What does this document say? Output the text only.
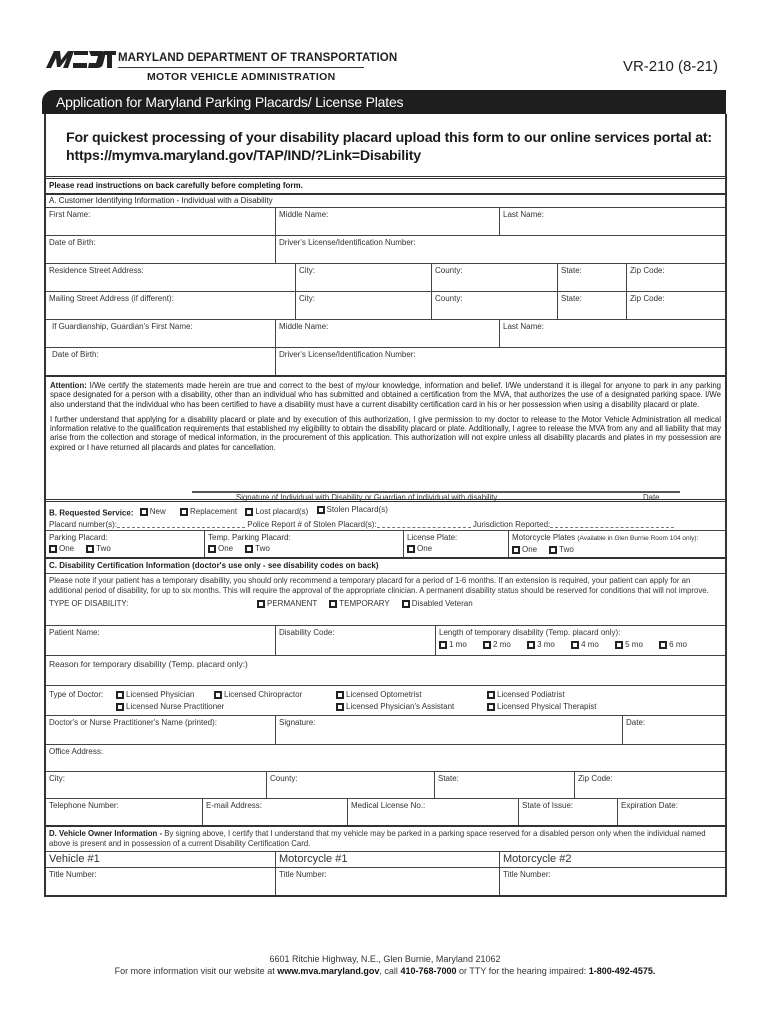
MARYLAND DEPARTMENT OF TRANSPORTATION
MOTOR VEHICLE ADMINISTRATION
VR-210 (8-21)
Application for Maryland Parking Placards/ License Plates
For quickest processing of your disability placard upload this form to our online services portal at:
https://mymva.maryland.gov/TAP/IND/?Link=Disability
Please read instructions on back carefully before completing form.
A. Customer Identifying Information - Individual with a Disability
First Name:	Middle Name:	Last Name:
Date of Birth:	Driver's License/Identification Number:
Residence Street Address:	City:	County:	State:	Zip Code:
Mailing Street Address (if different):	City:	County:	State:	Zip Code:
If Guardianship, Guardian's First Name:	Middle Name:	Last Name:
Date of Birth:	Driver's License/Identification Number:
Attention: I/We certify the statements made herein are true and correct to the best of my/our knowledge, information and belief. I/We understand it is illegal for anyone to park in any parking space designated for a person with a disability, other than an individual who has submitted and obtained a certification from the MVA, that authorizes the use of a designated parking space. I/We also understand that the individual who has been certified to have a disability must have a current disability certification card in his or her possession when using a disability placard or plate.
I further understand that applying for a disability placard or plate and by execution of this authorization, I give permission to my doctor to release to the Motor Vehicle Administration all medical information relative to the qualification requirements that established my eligibility to obtain the disability placard or plate. Additionally, I agree to release the MVA from any and all liability that may arise from the collection and storage of medical information, in the procurement of this application. This authorization will not expire unless all disability placards and plates in my possession are expired or I have returned all placards and plates for cancellation.
B. Requested Service: New
	Replacement
Lost placard(s)
Stolen Placard(s)
Placard number(s):	Police Report # of Stolen Placard(s):	Jurisdiction Reported:
Parking Placard:
One	Two
Temp. Parking Placard:
One	Two
License Plate:
One
Motorcycle Plates (Available in Glen Burnie Room 104 only):
One	Two
C. Disability Certification Information (doctor's use only - see disability codes on back)
Please note if your patient has a temporary disability, you should only recommend a temporary placard for a period of 1-6 months. If an extension is required, your patient can apply for an additional period of disability, for up to six months. This will require the approval of the appropriate clinician. A permanent disability status should be reserved for conditions that will not improve.
TYPE OF DISABILITY:	PERMANENT	TEMPORARY	Disabled Veteran
Patient Name:	Disability Code:	Length of temporary disability (Temp. placard only):
1 mo
	2 mo
	3 mo
	4 mo
	5 mo
	6 mo
Reason for temporary disability (Temp. placard only:)
Type of Doctor:	Licensed Physician	Licensed Chiropractor	Licensed Optometrist	Licensed Podiatrist
Licensed Nurse Practitioner	Licensed Physician's Assistant	Licensed Physical Therapist
Doctor's or Nurse Practitioner's Name (printed):	Signature:	Date:
Office Address:
City:	County:	State:	Zip Code:
Telephone Number:	E-mail Address:	Medical License No.:	State of Issue:	Expiration Date:
D. Vehicle Owner Information - By signing above, I certify that I understand that my vehicle may be parked in a parking space reserved for a disabled person only when the individual named above is present and in possession of a current Disability Certification Card.
Vehicle #1	Motorcycle #1	Motorcycle #2
Title Number:	Title Number:	Title Number:
Signature of Individual with Disability or Guardian of individual with disability	Date
6601 Ritchie Highway, N.E., Glen Burnie, Maryland 21062
For more information visit our website at www.mva.maryland.gov, call 410-768-7000 or TTY for the hearing impaired: 1-800-492-4575.
